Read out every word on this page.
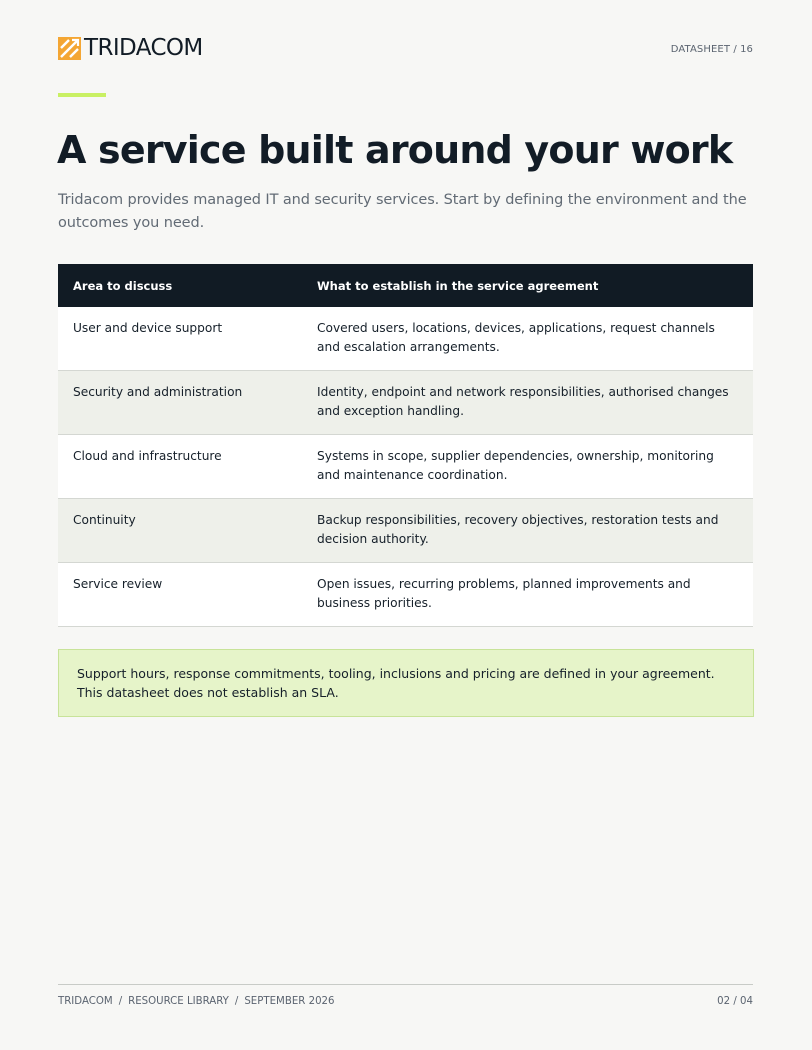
TRIDACOM	DATASHEET / 16
A service built around your work

Tridacom provides managed IT and security services. Start by defining the environment and the outcomes you need.

Area to discuss	What to establish in the service agreement
User and device support	Covered users, locations, devices, applications, request channels and escalation arrangements.
Security and administration	Identity, endpoint and network responsibilities, authorised changes and exception handling.
Cloud and infrastructure	Systems in scope, supplier dependencies, ownership, monitoring and maintenance coordination.
Continuity	Backup responsibilities, recovery objectives, restoration tests and decision authority.
Service review	Open issues, recurring problems, planned improvements and business priorities.

Support hours, response commitments, tooling, inclusions and pricing are defined in your agreement. This datasheet does not establish an SLA.

TRIDACOM / RESOURCE LIBRARY / SEPTEMBER 2026	02 / 04
